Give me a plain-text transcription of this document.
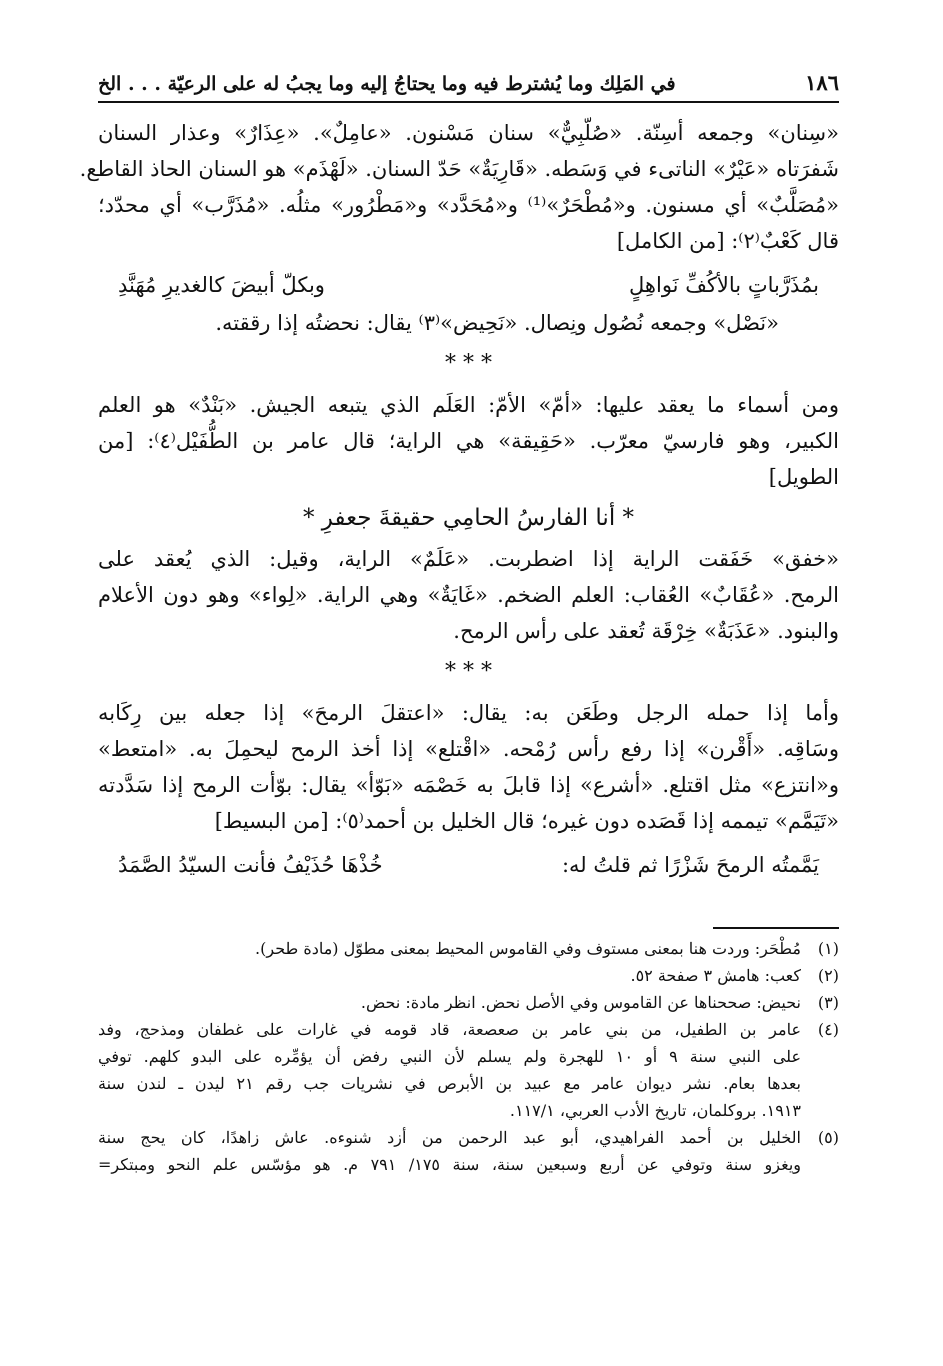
١٨٦
في المَلِك وما يُشترط فيه وما يحتاجُ إليه وما يجبُ له على الرعيّة . . . الخ

«سِنان» وجمعه أسِنّة. «صُلّبِيٌّ» سنان مَسْنون. «عامِلٌ». «عِذَارٌ» وعذار السنان

شَفرَتاه «عَيْرٌ» الناتىء في وَسَطه. «قَارِيَةٌ» حَدّ السنان. «لَهْذَم» هو السنان الحاذ القاطع.

«مُصَلَّبٌ» أي مسنون. و«مُطْحَرٌ»⁽¹⁾ و«مُحَدَّد» و«مَطْرُور» مثلُه. «مُذَرَّب» أي محدّد؛

قال كَعْبٌ⁽٢⁾: [من الكامل]

بمُذَرَّباتٍ بالأكُفِّ نَواهِلٍ
وبكلّ أبيضَ كالغديرِ مُهَنَّدِ

«نَصْل» وجمعه نُصُول ونِصال. «نَحِيض»⁽٣⁾ يقال: نحضتُه إذا رققته.

* * *

ومن أسماء ما يعقد عليها: «أمّ» الأمّ: العَلَم الذي يتبعه الجيش. «بَنْدٌ» هو العلم

الكبير، وهو فارسيّ معرّب. «حَقِيقة» هي الراية؛ قال عامر بن الطُّفَيْل⁽٤⁾: [من

الطويل]

* أنا الفارسُ الحامِي حقيقةَ جعفرِ *

«خفق» خَفَقت الراية إذا اضطربت. «عَلَمٌ» الراية، وقيل: الذي يُعقد على

الرمح. «عُقَابٌ» العُقاب: العلم الضخم. «غَايَةٌ» وهي الراية. «لِواء» وهو دون الأعلام

والبنود. «عَذَبَةٌ» خِرْقَة تُعقد على رأس الرمح.

* * *

وأما إذا حمله الرجل وطَعَن به: يقال: «اعتقلَ الرمحَ» إذا جعله بين رِكَابه

وسَاقِه. «أَقْرن» إذا رفع رأس رُمْحه. «اقْتلع» إذا أخذ الرمح ليحمِلَ به. «امتعط»

و«انتزع» مثل اقتلع. «أشرع» إذا قابلَ به خَصْمَه «بَوّأ» يقال: بوّأت الرمح إذا سَدَّدته

«تَيَمَّم» تيممه إذا قَصَده دون غيره؛ قال الخليل بن أحمد⁽٥⁾: [من البسيط]

يَمَّمتُه الرمحَ شَزْرًا ثم قلتُ له:
خُذْهَا حُذَيْفُ فأنت السيّدُ الصَّمَدُ
(١)
مُطْحَر: وردت هنا بمعنى مستوف وفي القاموس المحيط بمعنى مطوّل (مادة طحر).
(٢)
كعب: هامش ٣ صفحة ٥٢.
(٣)
نحيض: صححناها عن القاموس وفي الأصل نحض. انظر مادة: نحض.
(٤)
عامر بن الطفيل، من بني عامر بن صعصعة، قاد قومه في غارات على غطفان ومذحج، وفد
على النبي سنة ٩ أو ١٠ للهجرة ولم يسلم لأن النبي رفض أن يؤمِّره على البدو كلهم. توفي
بعدها بعام. نشر ديوان عامر مع عبيد بن الأبرص في نشريات جب رقم ٢١ ليدن ـ لندن سنة
١٩١٣. بروكلمان، تاريخ الأدب العربي، ١١٧/١.
(٥)
الخليل بن أحمد الفراهيدي، أبو عبد الرحمن من أزد شنوءه. عاش زاهدًا، كان يحج سنة
ويغزو سنة وتوفي عن أربع وسبعين سنة، سنة ١٧٥/ ٧٩١ م. هو مؤسّس علم النحو ومبتكر=
